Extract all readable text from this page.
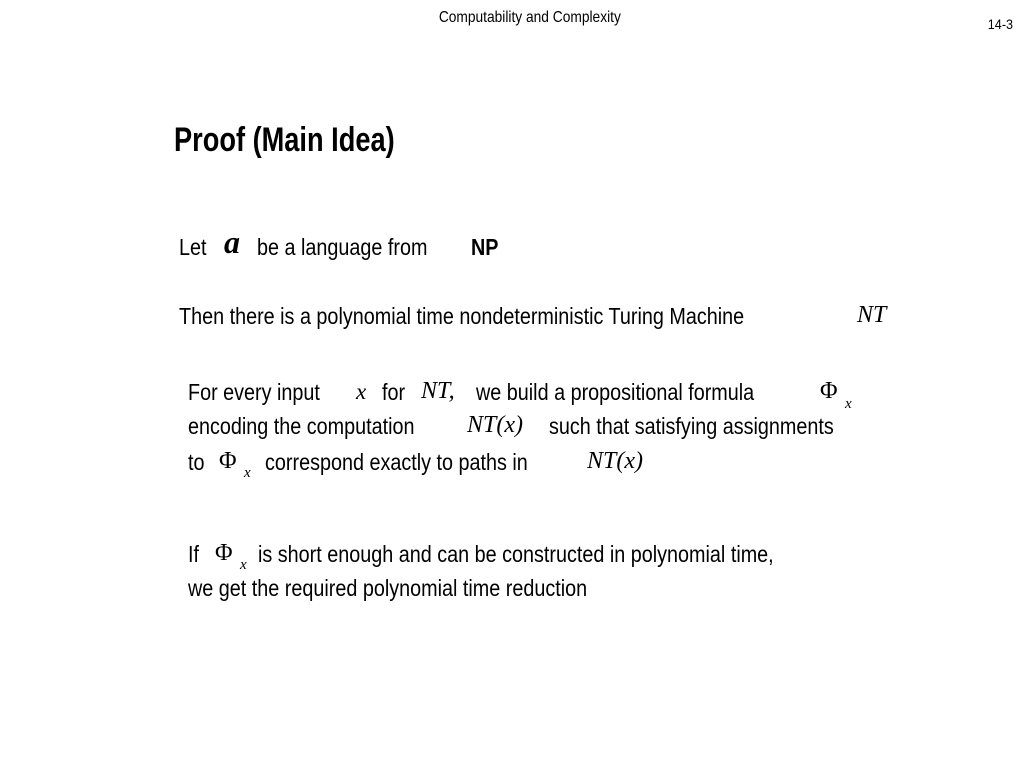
Computability and Complexity	14-3
Proof (Main Idea)
Let a be a language from	NP
Then there is a polynomial time nondeterministic Turing Machine	NT
For every input	x for NT, we build a propositional formula	Φ x
encoding the computation	NT(x) such that satisfying assignments
to Φ x correspond exactly to paths in	NT(x)
If Φ x is short enough and can be constructed in polynomial time,
we get the required polynomial time reduction
